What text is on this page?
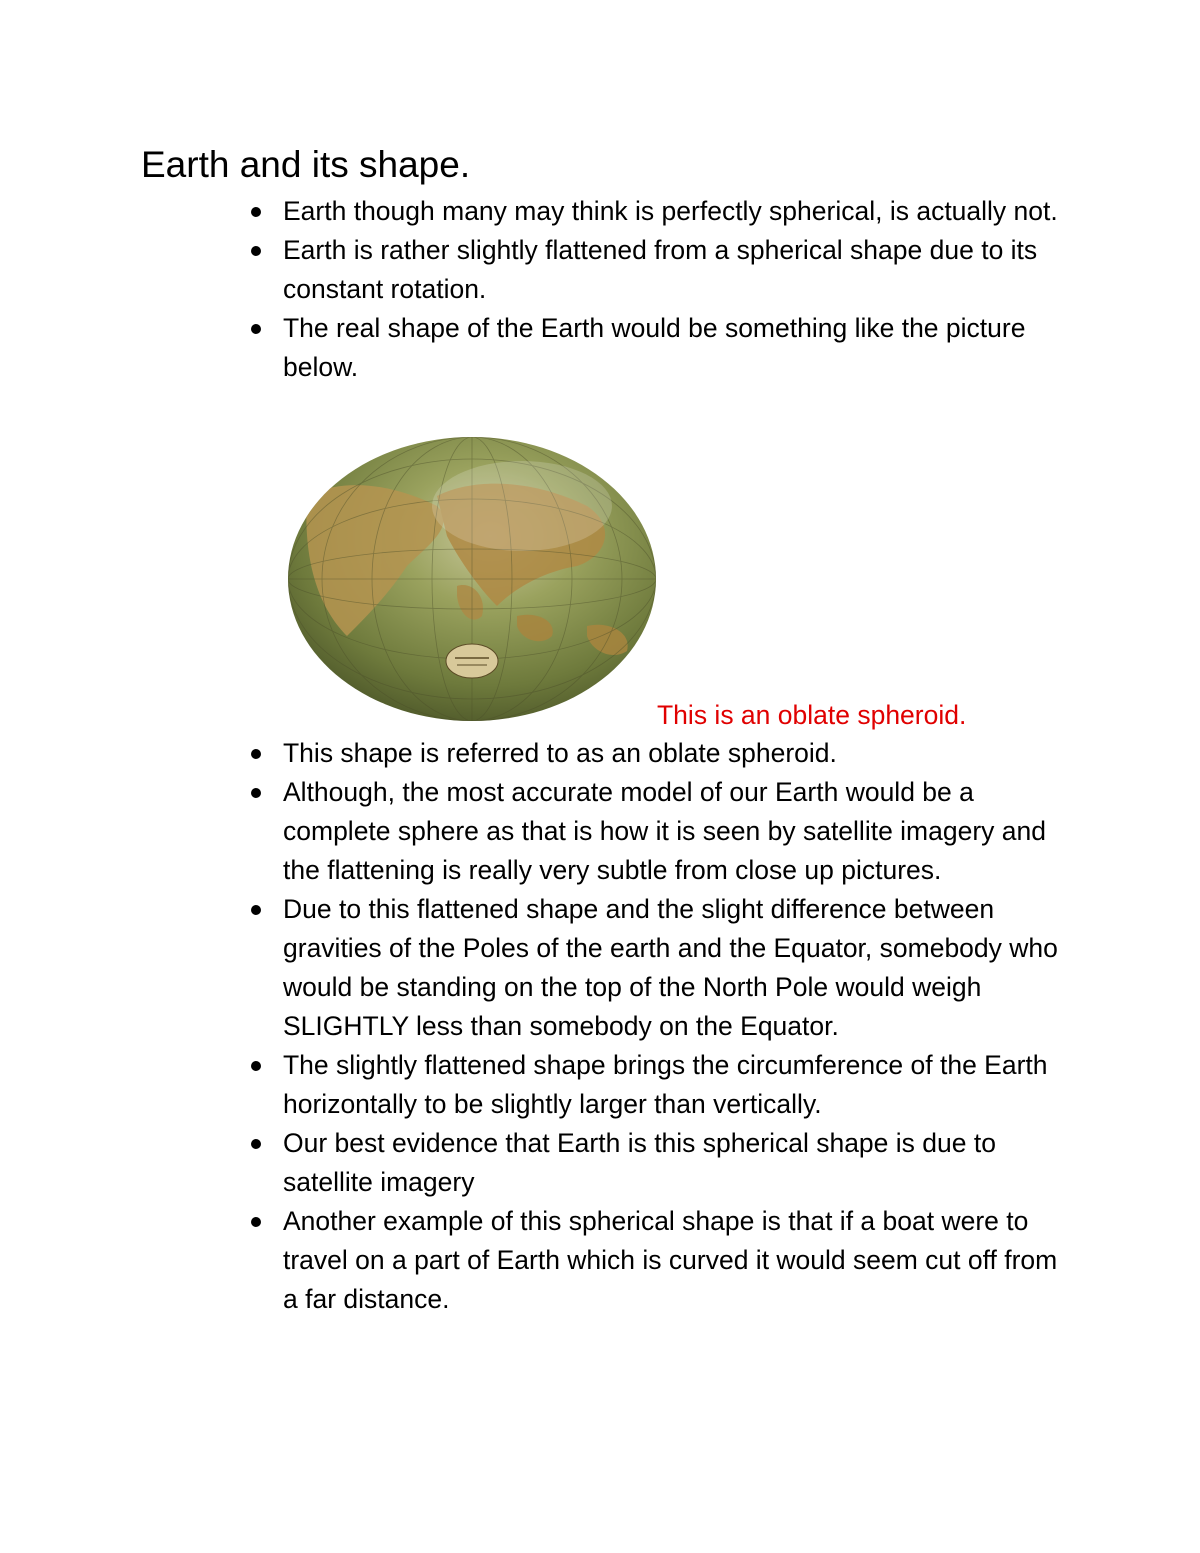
Earth and its shape.
Earth though many may think is perfectly spherical, is actually not.
Earth is rather slightly flattened from a spherical shape due to its constant rotation.
The real shape of the Earth would be something like the picture below.
This is an oblate spheroid.
This shape is referred to as an oblate spheroid.
Although, the most accurate model of our Earth would be a complete sphere as that is how it is seen by satellite imagery and the flattening is really very subtle from close up pictures.
Due to this flattened shape and the slight difference between gravities of the Poles of the earth and the Equator, somebody who would be standing on the top of the North Pole would weigh SLIGHTLY less than somebody on the Equator.
The slightly flattened shape brings the circumference of the Earth horizontally to be slightly larger than vertically.
Our best evidence that Earth is this spherical shape is due to satellite imagery
Another example of this spherical shape is that if a boat were to travel on a part of Earth which is curved it would seem cut off from a far distance.
